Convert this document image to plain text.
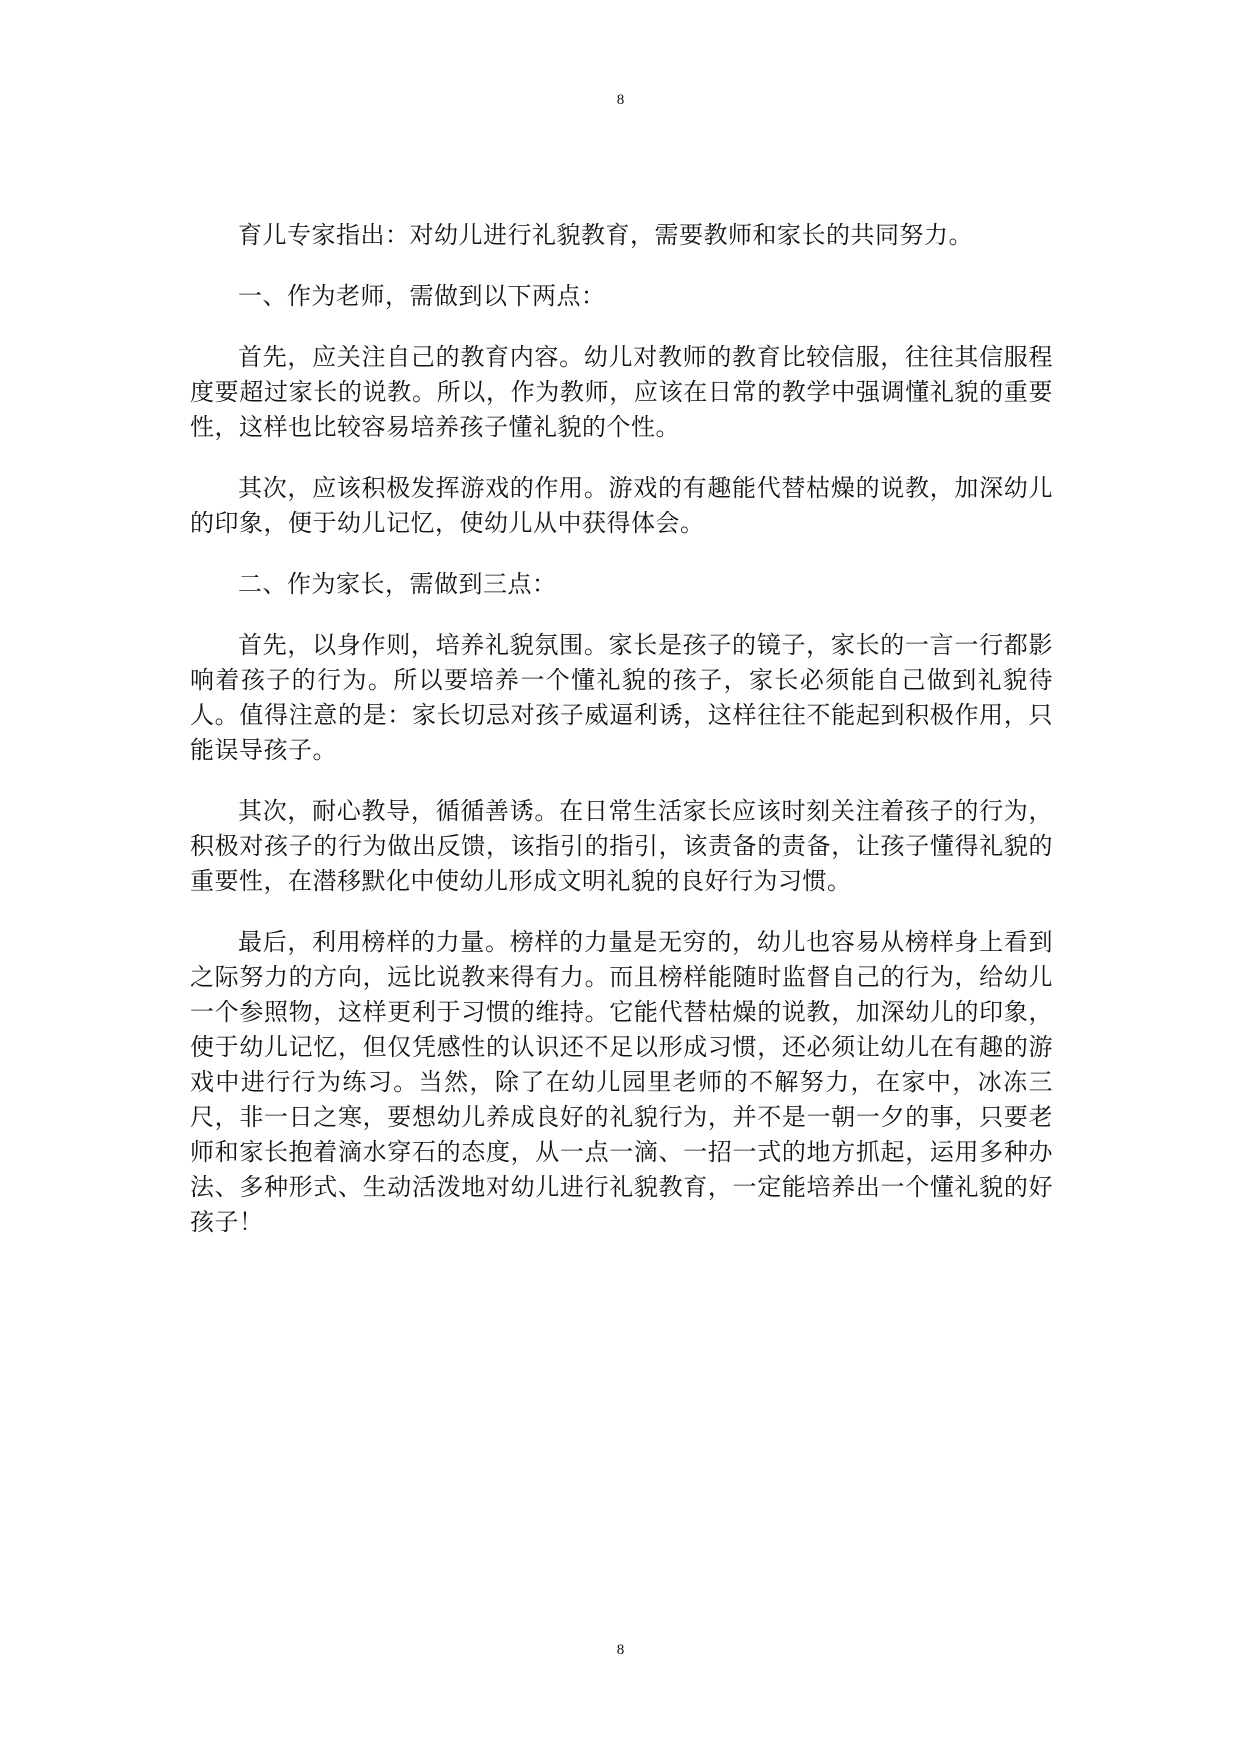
8

育儿专家指出：对幼儿进行礼貌教育，需要教师和家长的共同努力。

一、作为老师，需做到以下两点：

首先，应关注自己的教育内容。幼儿对教师的教育比较信服，往往其信服程度要超过家长的说教。所以，作为教师，应该在日常的教学中强调懂礼貌的重要性，这样也比较容易培养孩子懂礼貌的个性。

其次，应该积极发挥游戏的作用。游戏的有趣能代替枯燥的说教，加深幼儿的印象，便于幼儿记忆，使幼儿从中获得体会。

二、作为家长，需做到三点：

首先，以身作则，培养礼貌氛围。家长是孩子的镜子，家长的一言一行都影响着孩子的行为。所以要培养一个懂礼貌的孩子，家长必须能自己做到礼貌待人。值得注意的是：家长切忌对孩子威逼利诱，这样往往不能起到积极作用，只能误导孩子。

其次，耐心教导，循循善诱。在日常生活家长应该时刻关注着孩子的行为，积极对孩子的行为做出反馈，该指引的指引，该责备的责备，让孩子懂得礼貌的重要性，在潜移默化中使幼儿形成文明礼貌的良好行为习惯。

最后，利用榜样的力量。榜样的力量是无穷的，幼儿也容易从榜样身上看到之际努力的方向，远比说教来得有力。而且榜样能随时监督自己的行为，给幼儿一个参照物，这样更利于习惯的维持。它能代替枯燥的说教，加深幼儿的印象，使于幼儿记忆，但仅凭感性的认识还不足以形成习惯，还必须让幼儿在有趣的游戏中进行行为练习。当然，除了在幼儿园里老师的不解努力，在家中，冰冻三尺，非一日之寒，要想幼儿养成良好的礼貌行为，并不是一朝一夕的事，只要老师和家长抱着滴水穿石的态度，从一点一滴、一招一式的地方抓起，运用多种办法、多种形式、生动活泼地对幼儿进行礼貌教育，一定能培养出一个懂礼貌的好孩子！

8
